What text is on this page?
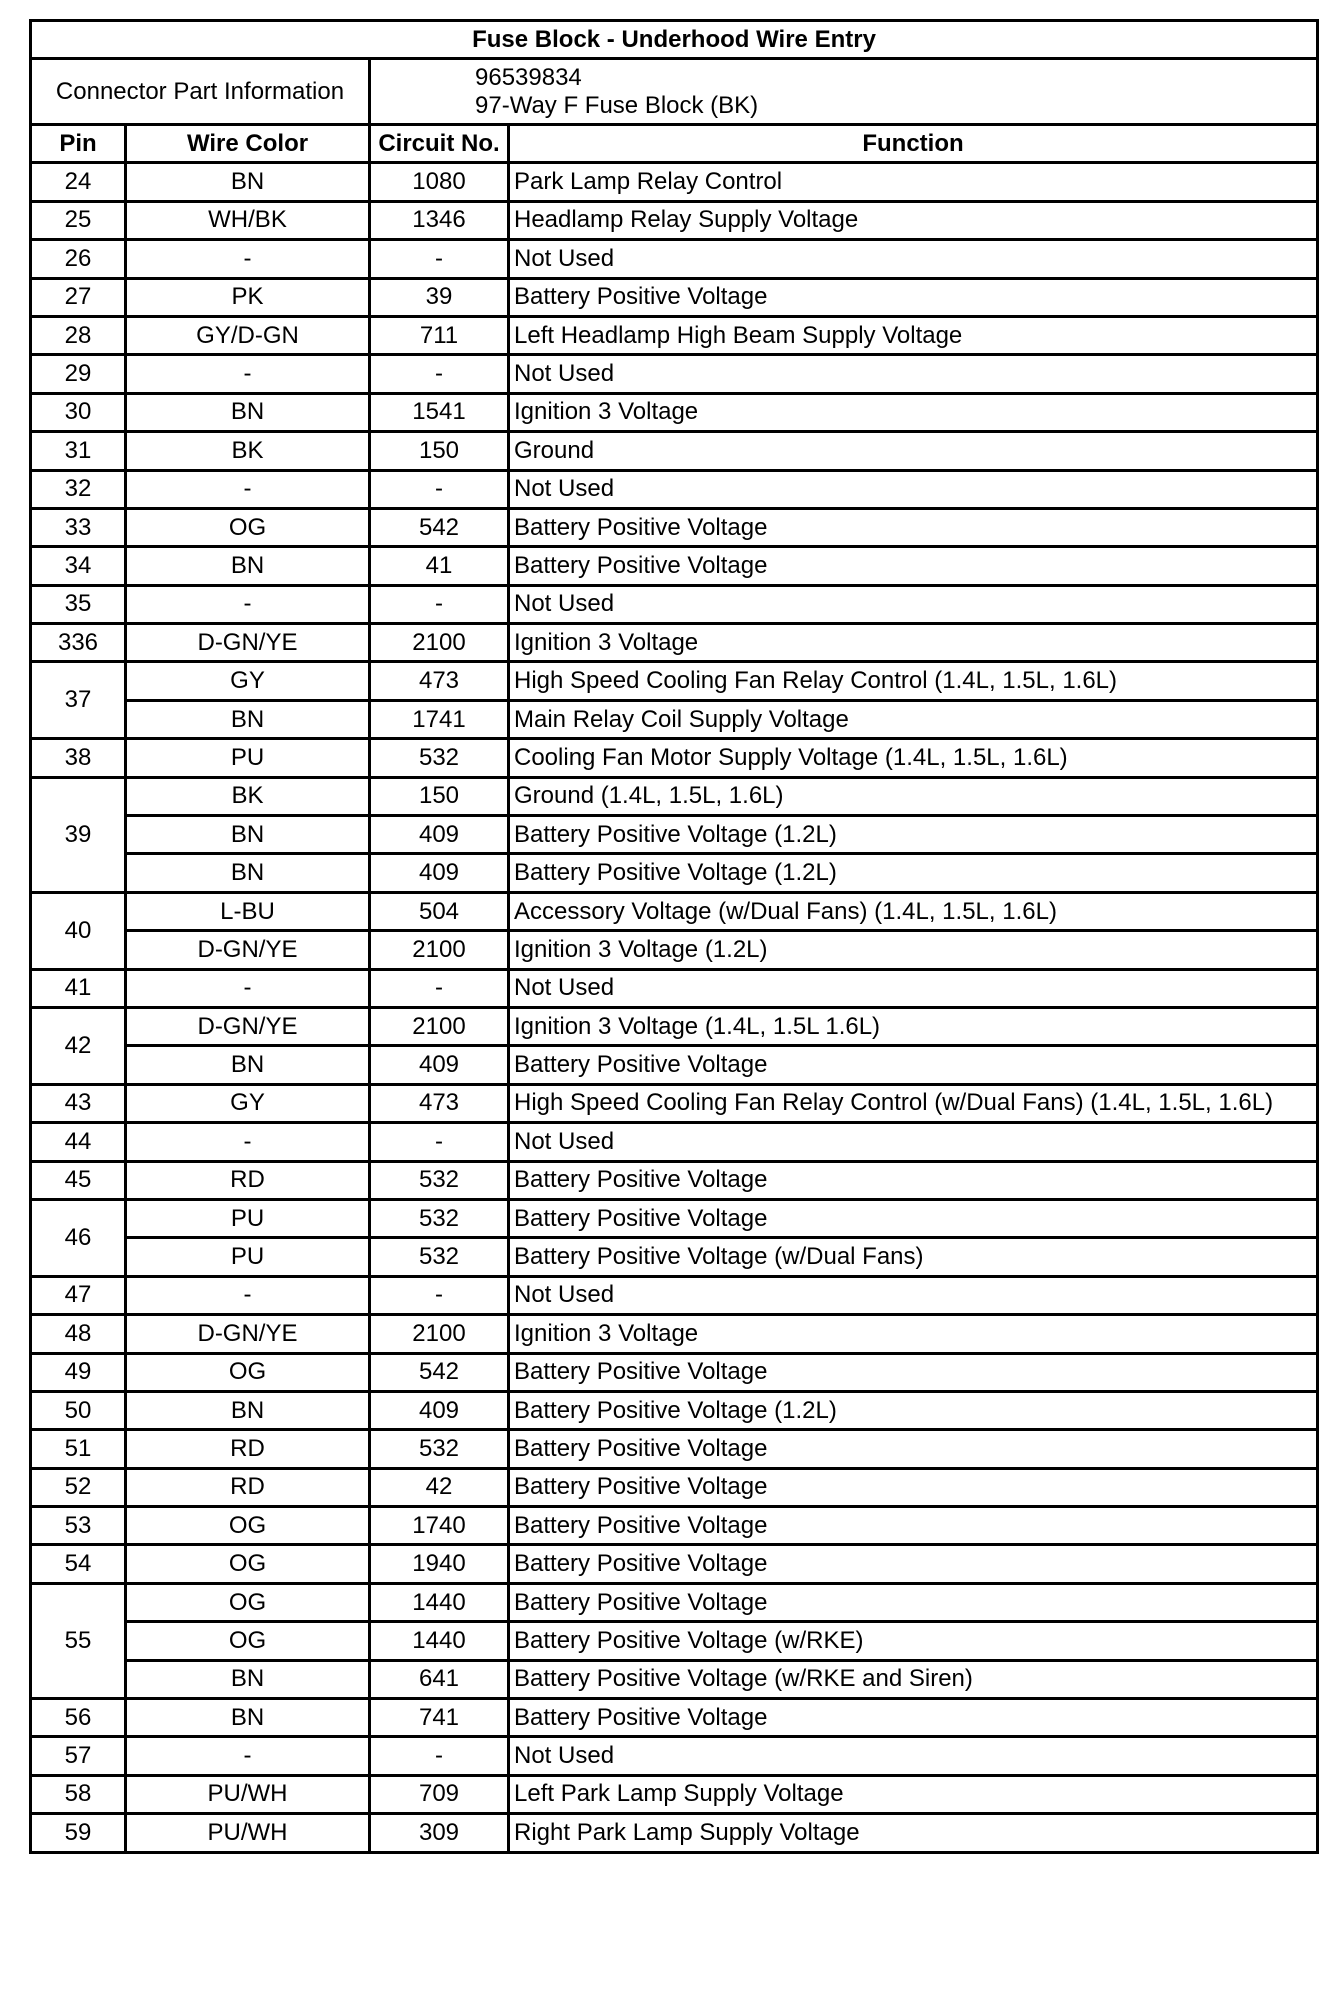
Fuse Block - Underhood Wire Entry			
Connector Part Information		96539834
97-Way F Fuse Block (BK)	

Pin	Wire Color	Circuit No.	Function
24	BN	1080	Park Lamp Relay Control
25	WH/BK	1346	Headlamp Relay Supply Voltage
26	-	-	Not Used
27	PK	39	Battery Positive Voltage
28	GY/D-GN	711	Left Headlamp High Beam Supply Voltage
29	-	-	Not Used
30	BN	1541	Ignition 3 Voltage
31	BK	150	Ground
32	-	-	Not Used
33	OG	542	Battery Positive Voltage
34	BN	41	Battery Positive Voltage
35	-	-	Not Used
336	D-GN/YE	2100	Ignition 3 Voltage
37	GY	473	High Speed Cooling Fan Relay Control (1.4L, 1.5L, 1.6L)
	BN	1741	Main Relay Coil Supply Voltage
38	PU	532	Cooling Fan Motor Supply Voltage (1.4L, 1.5L, 1.6L)
39	BK	150	Ground (1.4L, 1.5L, 1.6L)
	BN	409	Battery Positive Voltage (1.2L)
	BN	409	Battery Positive Voltage (1.2L)
40	L-BU	504	Accessory Voltage (w/Dual Fans) (1.4L, 1.5L, 1.6L)
	D-GN/YE	2100	Ignition 3 Voltage (1.2L)
41	-	-	Not Used
42	D-GN/YE	2100	Ignition 3 Voltage (1.4L, 1.5L 1.6L)
	BN	409	Battery Positive Voltage
43	GY	473	High Speed Cooling Fan Relay Control (w/Dual Fans) (1.4L, 1.5L, 1.6L)
44	-	-	Not Used
45	RD	532	Battery Positive Voltage
46	PU	532	Battery Positive Voltage
	PU	532	Battery Positive Voltage (w/Dual Fans)
47	-	-	Not Used
48	D-GN/YE	2100	Ignition 3 Voltage
49	OG	542	Battery Positive Voltage
50	BN	409	Battery Positive Voltage (1.2L)
51	RD	532	Battery Positive Voltage
52	RD	42	Battery Positive Voltage
53	OG	1740	Battery Positive Voltage
54	OG	1940	Battery Positive Voltage
55	OG	1440	Battery Positive Voltage
	OG	1440	Battery Positive Voltage (w/RKE)
	BN	641	Battery Positive Voltage (w/RKE and Siren)
56	BN	741	Battery Positive Voltage
57	-	-	Not Used
58	PU/WH	709	Left Park Lamp Supply Voltage
59	PU/WH	309	Right Park Lamp Supply Voltage
